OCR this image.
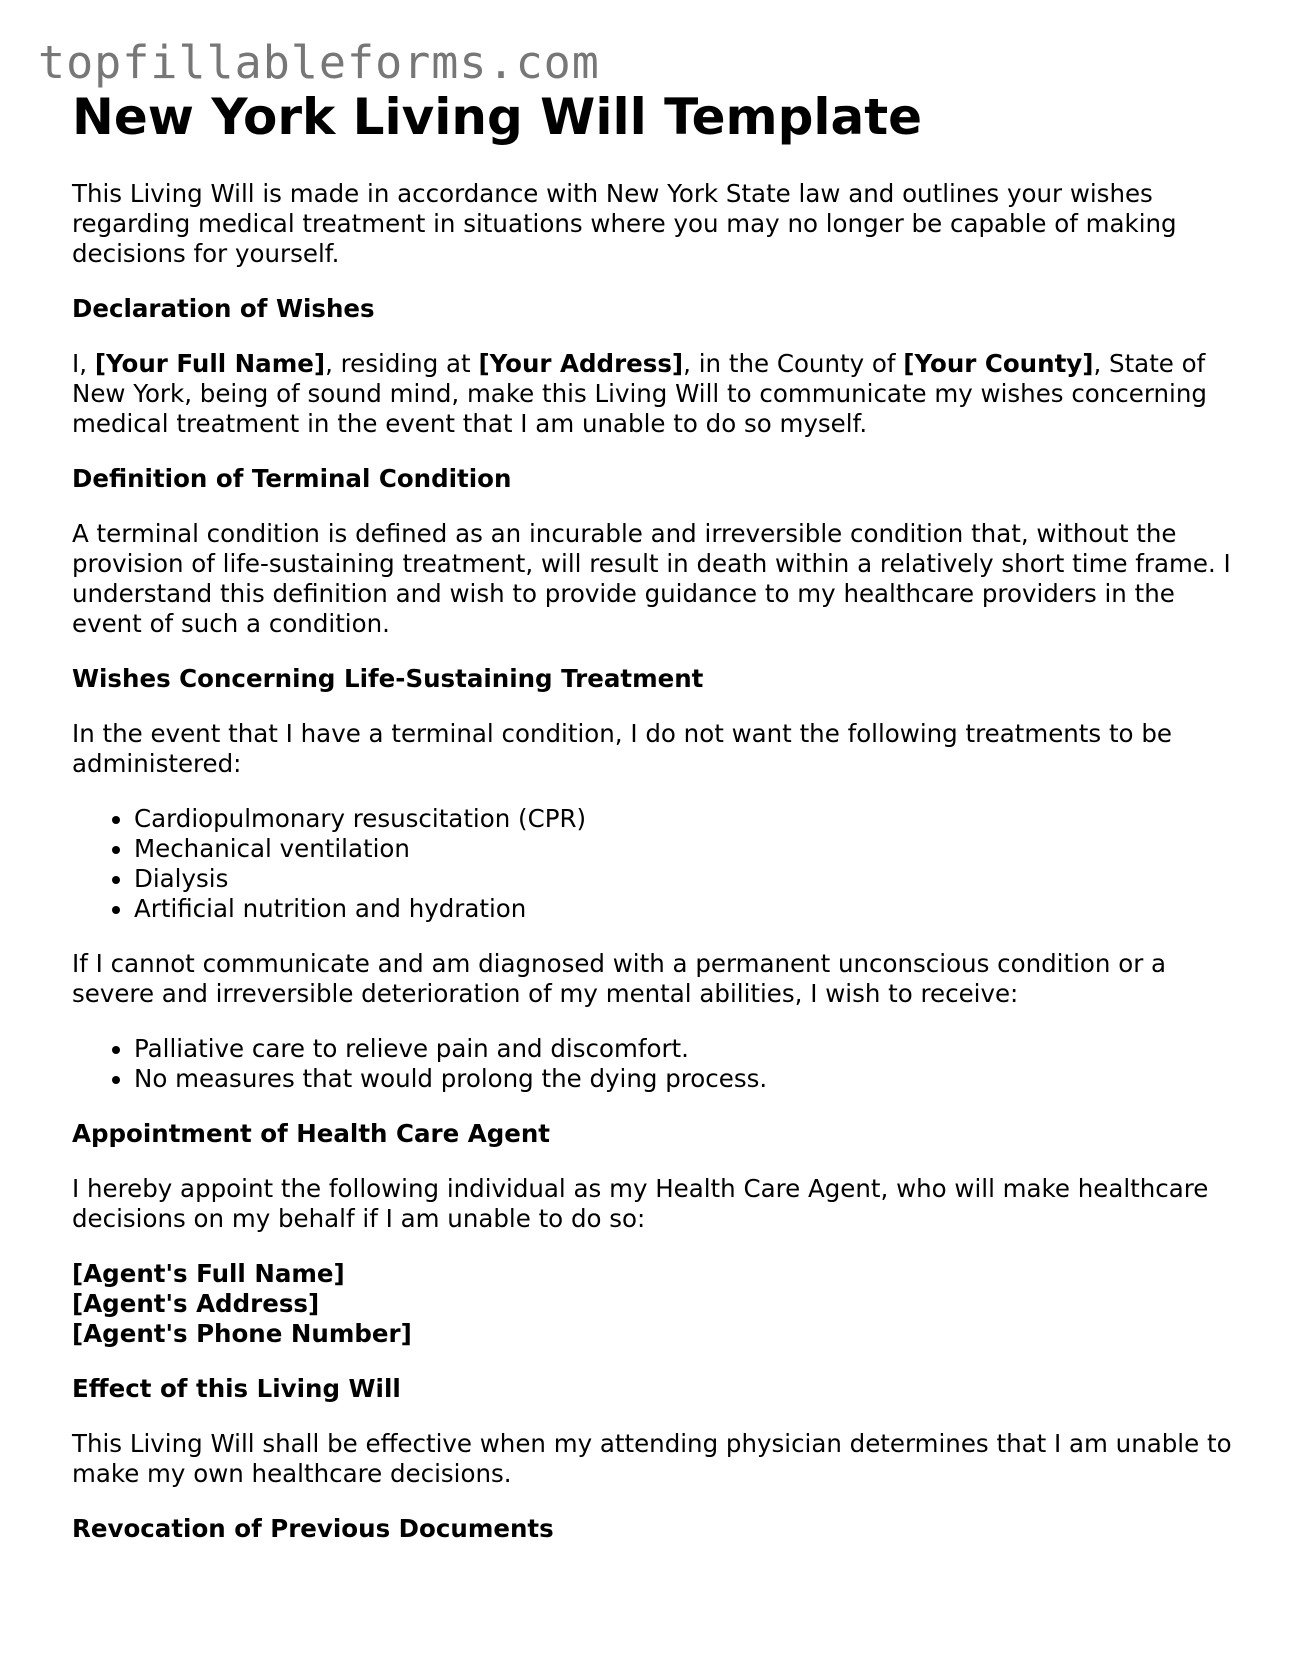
topfillableforms.com
New York Living Will Template

This Living Will is made in accordance with New York State law and outlines your wishes regarding medical treatment in situations where you may no longer be capable of making decisions for yourself.

Declaration of Wishes

I, [Your Full Name], residing at [Your Address], in the County of [Your County], State of New York, being of sound mind, make this Living Will to communicate my wishes concerning medical treatment in the event that I am unable to do so myself.

Definition of Terminal Condition

A terminal condition is defined as an incurable and irreversible condition that, without the provision of life-sustaining treatment, will result in death within a relatively short time frame. I understand this definition and wish to provide guidance to my healthcare providers in the event of such a condition.

Wishes Concerning Life-Sustaining Treatment

In the event that I have a terminal condition, I do not want the following treatments to be administered:

• Cardiopulmonary resuscitation (CPR)
• Mechanical ventilation
• Dialysis
• Artificial nutrition and hydration

If I cannot communicate and am diagnosed with a permanent unconscious condition or a severe and irreversible deterioration of my mental abilities, I wish to receive:

• Palliative care to relieve pain and discomfort.
• No measures that would prolong the dying process.
Appointment of Health Care Agent

I hereby appoint the following individual as my Health Care Agent, who will make healthcare decisions on my behalf if I am unable to do so:

[Agent's Full Name]
[Agent's Address]
[Agent's Phone Number]

Effect of this Living Will

This Living Will shall be effective when my attending physician determines that I am unable to make my own healthcare decisions.

Revocation of Previous Documents
